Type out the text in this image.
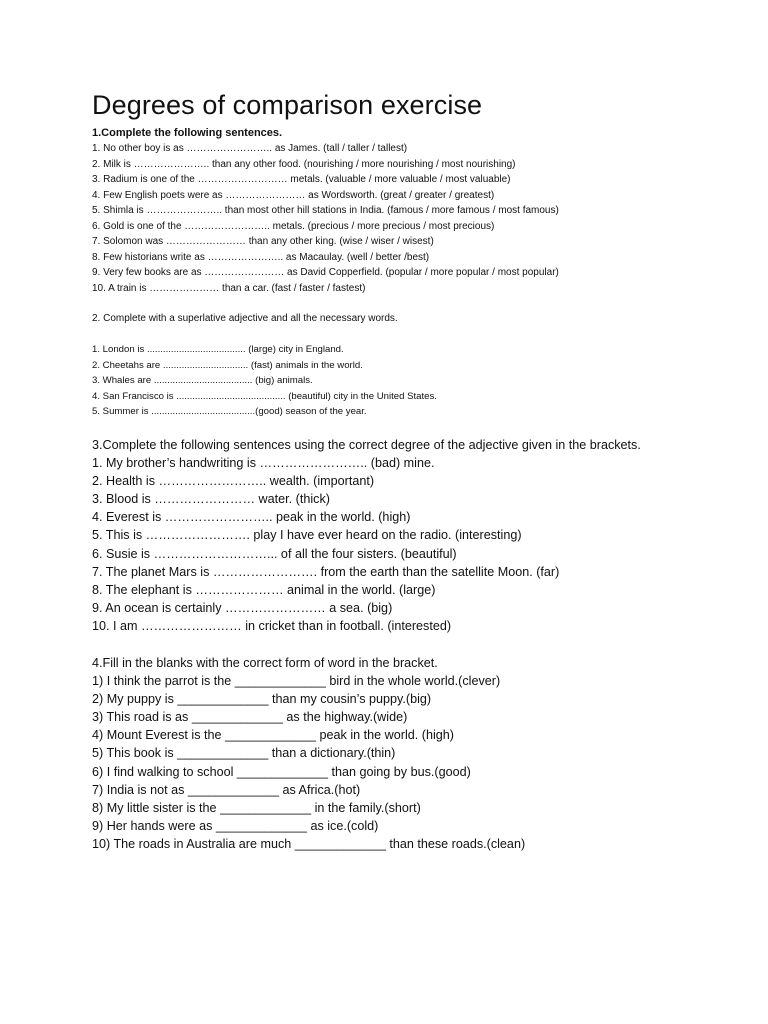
Degrees of comparison exercise

1.Complete the following sentences.

1. No other boy is as …………………….. as James. (tall / taller / tallest)
2. Milk is ………………….. than any other food. (nourishing / more nourishing / most nourishing)
3. Radium is one of the ……………………… metals. (valuable / more valuable / most valuable)
4. Few English poets were as …………………… as Wordsworth. (great / greater / greatest)
5. Shimla is ………………….. than most other hill stations in India. (famous / more famous / most famous)
6. Gold is one of the …………………….. metals. (precious / more precious / most precious)
7. Solomon was …………………… than any other king. (wise / wiser / wisest)
8. Few historians write as ………………….. as Macaulay. (well / better /best)
9. Very few books are as …………………… as David Copperfield. (popular / more popular / most popular)
10. A train is ………………… than a car. (fast / faster / fastest)

2. Complete with a superlative adjective and all the necessary words.

1. London is ..................................... (large) city in England.
2. Cheetahs are ................................ (fast) animals in the world.
3. Whales are ..................................... (big) animals.
4. San Francisco is ......................................... (beautiful) city in the United States.
5. Summer is .......................................(good) season of the year.

3.Complete the following sentences using the correct degree of the adjective given in the brackets.

1. My brother’s handwriting is …………………….. (bad) mine.
2. Health is …………………….. wealth. (important)
3. Blood is …………………… water. (thick)
4. Everest is …………………….. peak in the world. (high)
5. This is ……………………. play I have ever heard on the radio. (interesting)
6. Susie is ………………………... of all the four sisters. (beautiful)
7. The planet Mars is ……………………. from the earth than the satellite Moon. (far)
8. The elephant is ………………… animal in the world. (large)
9. An ocean is certainly …………………… a sea. (big)
10. I am …………………… in cricket than in football. (interested)

4.Fill in the blanks with the correct form of word in the bracket.

1) I think the parrot is the _____________ bird in the whole world.(clever)
2) My puppy is _____________ than my cousin’s puppy.(big)
3) This road is as _____________ as the highway.(wide)
4) Mount Everest is the _____________ peak in the world. (high)
5) This book is _____________ than a dictionary.(thin)
6) I find walking to school _____________ than going by bus.(good)
7) India is not as _____________ as Africa.(hot)
8) My little sister is the _____________ in the family.(short)
9) Her hands were as _____________ as ice.(cold)
10) The roads in Australia are much _____________ than these roads.(clean)
